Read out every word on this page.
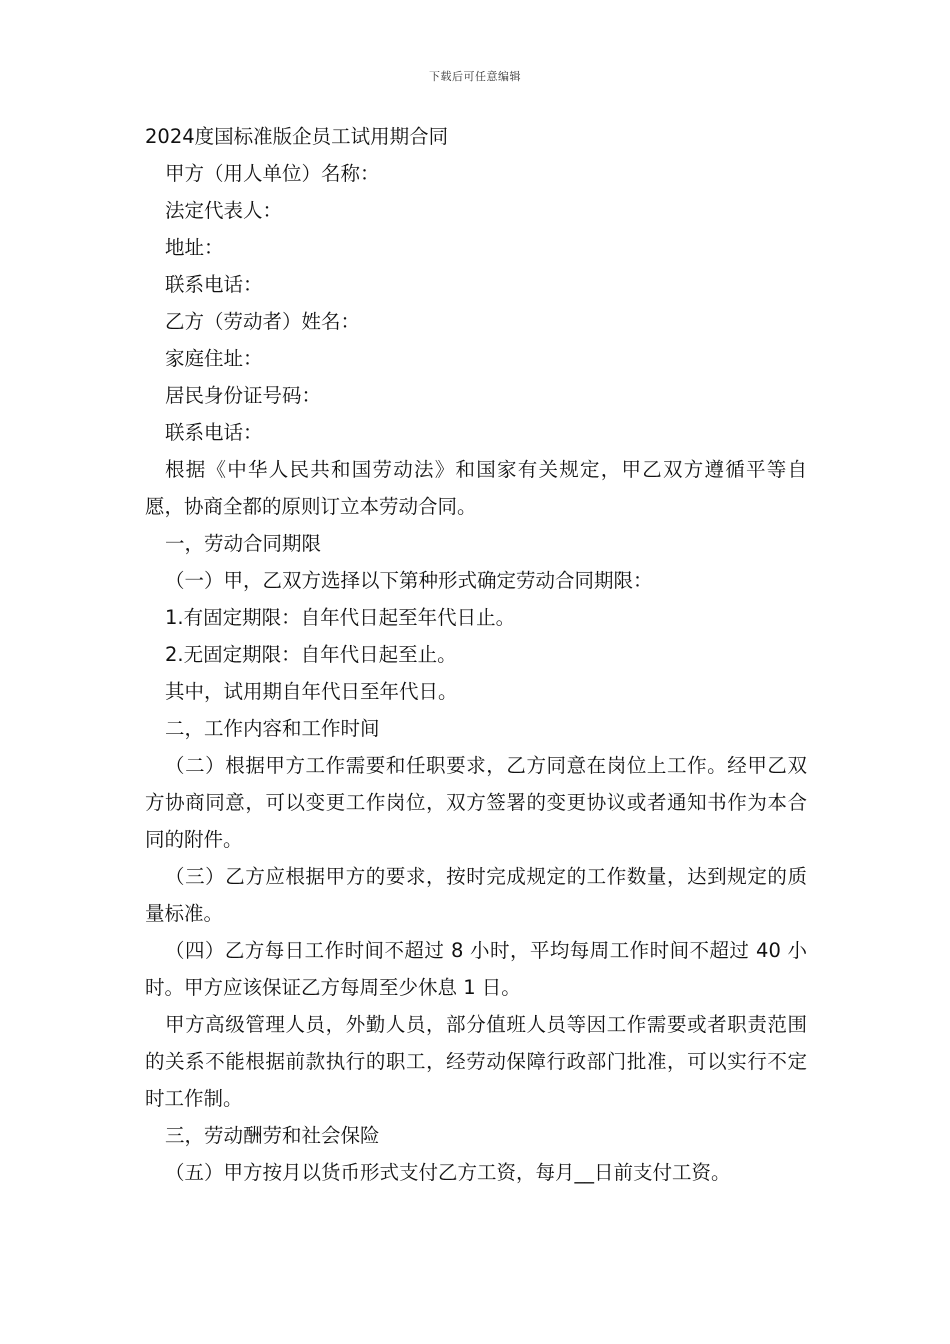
下载后可任意编辑
2024度国标准版企员工试用期合同

甲方（用人单位）名称：

法定代表人：

地址：

联系电话：

乙方（劳动者）姓名：

家庭住址：

居民身份证号码：

联系电话：

根据《中华人民共和国劳动法》和国家有关规定，甲乙双方遵循平等自愿，协商全都的原则订立本劳动合同。

一，劳动合同期限

（一）甲，乙双方选择以下第种形式确定劳动合同期限：

1.有固定期限：自年代日起至年代日止。

2.无固定期限：自年代日起至止。

其中，试用期自年代日至年代日。

二，工作内容和工作时间

（二）根据甲方工作需要和任职要求，乙方同意在岗位上工作。经甲乙双方协商同意，可以变更工作岗位，双方签署的变更协议或者通知书作为本合同的附件。

（三）乙方应根据甲方的要求，按时完成规定的工作数量，达到规定的质量标准。

（四）乙方每日工作时间不超过 8 小时，平均每周工作时间不超过 40 小时。甲方应该保证乙方每周至少休息 1 日。

甲方高级管理人员，外勤人员，部分值班人员等因工作需要或者职责范围的关系不能根据前款执行的职工，经劳动保障行政部门批准，可以实行不定时工作制。

三，劳动酬劳和社会保险

（五）甲方按月以货币形式支付乙方工资，每月__日前支付工资。
